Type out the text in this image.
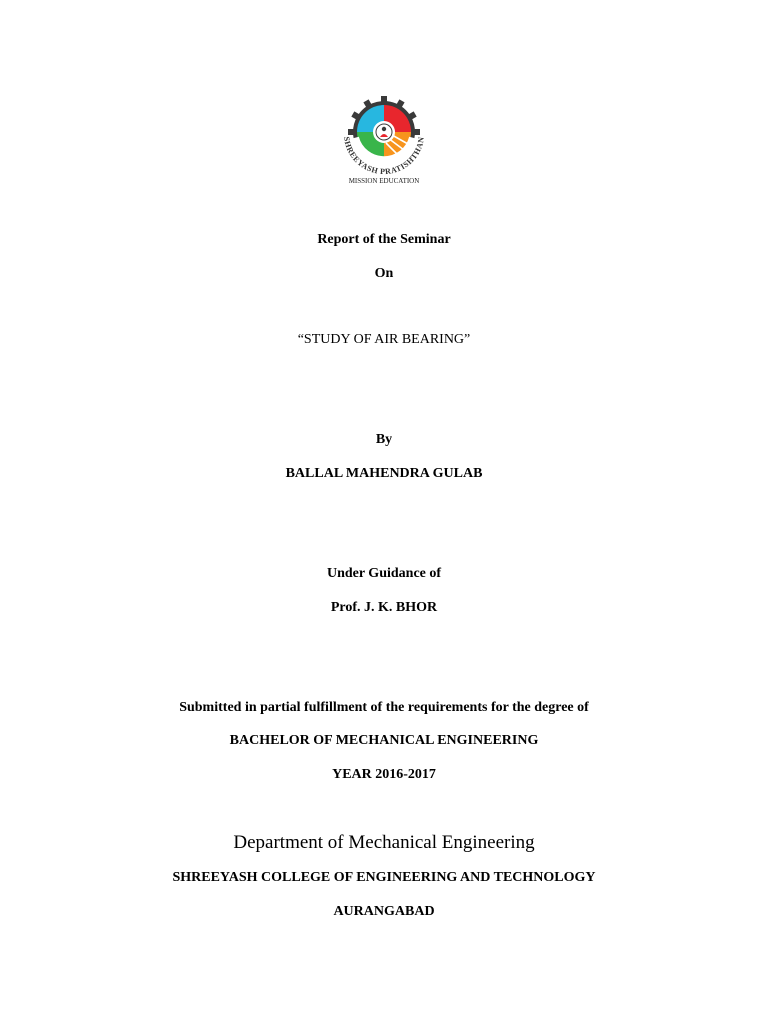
SHREEYASH PRATISHTHAN
MISSION EDUCATION
Report of the Seminar
On
“STUDY OF AIR BEARING”
By
BALLAL MAHENDRA GULAB
Under Guidance of
Prof. J. K. BHOR
Submitted in partial fulfillment of the requirements for the degree of
BACHELOR OF MECHANICAL ENGINEERING
YEAR 2016-2017
Department of Mechanical Engineering
SHREEYASH COLLEGE OF ENGINEERING AND TECHNOLOGY
AURANGABAD
